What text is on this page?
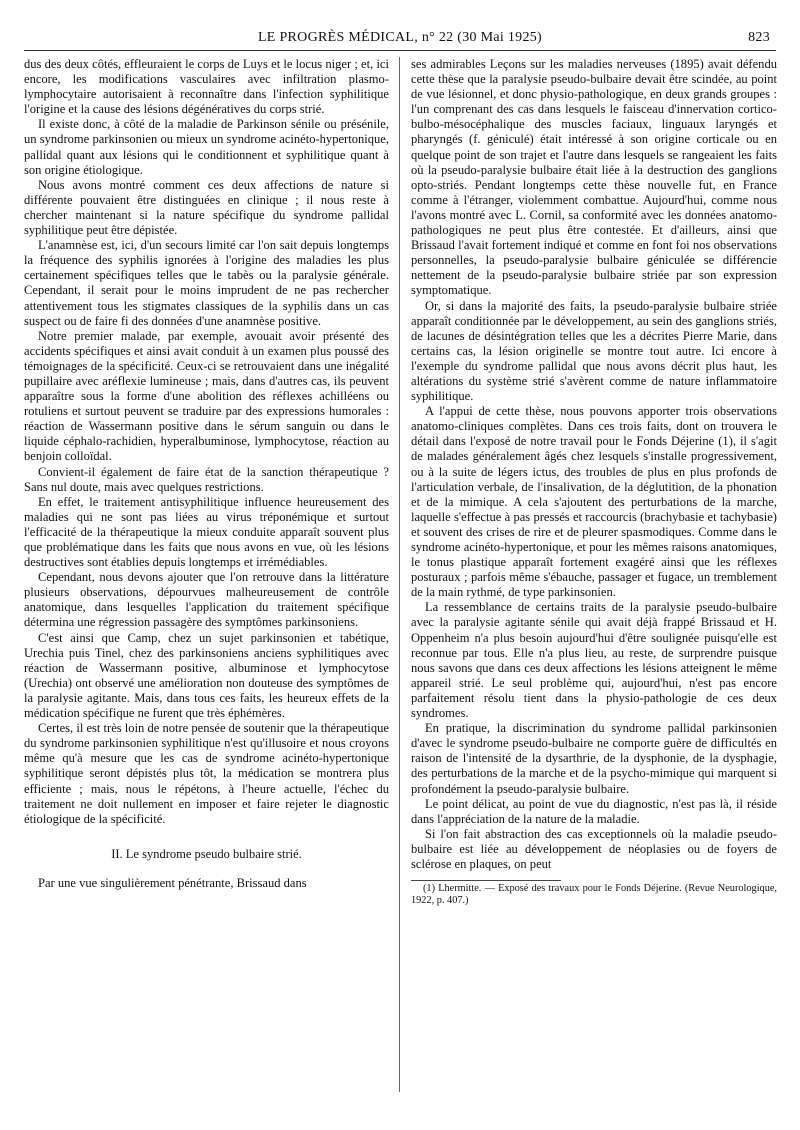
LE PROGRÈS MÉDICAL, n° 22 (30 Mai 1925)	823

dus des deux côtés, effleuraient le corps de Luys et le locus niger ; et, ici encore, les modifications vasculaires avec infiltration plasmo-lymphocytaire autorisaient à reconnaître dans l'infection syphilitique l'origine et la cause des lésions dégénératives du corps strié.

Il existe donc, à côté de la maladie de Parkinson sénile ou présénile, un syndrome parkinsonien ou mieux un syndrome acinéto-hypertonique, pallidal quant aux lésions qui le conditionnent et syphilitique quant à son origine étiologique.

Nous avons montré comment ces deux affections de nature si différente pouvaient être distinguées en clinique ; il nous reste à chercher maintenant si la nature spécifique du syndrome pallidal syphilitique peut être dépistée.

L'anamnèse est, ici, d'un secours limité car l'on sait depuis longtemps la fréquence des syphilis ignorées à l'origine des maladies les plus certainement spécifiques telles que le tabès ou la paralysie générale. Cependant, il serait pour le moins imprudent de ne pas rechercher attentivement tous les stigmates classiques de la syphilis dans un cas suspect ou de faire fi des données d'une anamnèse positive.

Notre premier malade, par exemple, avouait avoir présenté des accidents spécifiques et ainsi avait conduit à un examen plus poussé des témoignages de la spécificité. Ceux-ci se retrouvaient dans une inégalité pupillaire avec aréflexie lumineuse ; mais, dans d'autres cas, ils peuvent apparaître sous la forme d'une abolition des réflexes achilléens ou rotuliens et surtout peuvent se traduire par des expressions humorales : réaction de Wassermann positive dans le sérum sanguin ou dans le liquide céphalo-rachidien, hyperalbuminose, lymphocytose, réaction au benjoin colloïdal.

Convient-il également de faire état de la sanction thérapeutique ? Sans nul doute, mais avec quelques restrictions.

En effet, le traitement antisyphilitique influence heureusement des maladies qui ne sont pas liées au virus tréponémique et surtout l'efficacité de la thérapeutique la mieux conduite apparaît souvent plus que problématique dans les faits que nous avons en vue, où les lésions destructives sont établies depuis longtemps et irrémédiables.

Cependant, nous devons ajouter que l'on retrouve dans la littérature plusieurs observations, dépourvues malheureusement de contrôle anatomique, dans lesquelles l'application du traitement spécifique détermina une régression passagère des symptômes parkinsoniens.

C'est ainsi que Camp, chez un sujet parkinsonien et tabétique, Urechia puis Tinel, chez des parkinsoniens anciens syphilitiques avec réaction de Wassermann positive, albuminose et lymphocytose (Urechia) ont observé une amélioration non douteuse des symptômes de la paralysie agitante. Mais, dans tous ces faits, les heureux effets de la médication spécifique ne furent que très éphémères.

Certes, il est très loin de notre pensée de soutenir que la thérapeutique du syndrome parkinsonien syphilitique n'est qu'illusoire et nous croyons même qu'à mesure que les cas de syndrome acinéto-hypertonique syphilitique seront dépistés plus tôt, la médication se montrera plus efficiente ; mais, nous le répétons, à l'heure actuelle, l'échec du traitement ne doit nullement en imposer et faire rejeter le diagnostic étiologique de la spécificité.

II. Le syndrome pseudo bulbaire strié.

Par une vue singulièrement pénétrante, Brissaud dans

ses admirables Leçons sur les maladies nerveuses (1895) avait défendu cette thèse que la paralysie pseudo-bulbaire devait être scindée, au point de vue lésionnel, et donc physio-pathologique, en deux grands groupes : l'un comprenant des cas dans lesquels le faisceau d'innervation cortico-bulbo-mésocéphalique des muscles faciaux, linguaux laryngés et pharyngés (f. géniculé) était intéressé à son origine corticale ou en quelque point de son trajet et l'autre dans lesquels se rangeaient les faits où la pseudo-paralysie bulbaire était liée à la destruction des ganglions opto-striés. Pendant longtemps cette thèse nouvelle fut, en France comme à l'étranger, violemment combattue. Aujourd'hui, comme nous l'avons montré avec L. Cornil, sa conformité avec les données anatomo-pathologiques ne peut plus être contestée. Et d'ailleurs, ainsi que Brissaud l'avait fortement indiqué et comme en font foi nos observations personnelles, la pseudo-paralysie bulbaire géniculée se différencie nettement de la pseudo-paralysie bulbaire striée par son expression symptomatique.

Or, si dans la majorité des faits, la pseudo-paralysie bulbaire striée apparaît conditionnée par le développement, au sein des ganglions striés, de lacunes de désintégration telles que les a décrites Pierre Marie, dans certains cas, la lésion originelle se montre tout autre. Ici encore à l'exemple du syndrome pallidal que nous avons décrit plus haut, les altérations du système strié s'avèrent comme de nature inflammatoire syphilitique.

A l'appui de cette thèse, nous pouvons apporter trois observations anatomo-cliniques complètes. Dans ces trois faits, dont on trouvera le détail dans l'exposé de notre travail pour le Fonds Déjerine (1), il s'agit de malades généralement âgés chez lesquels s'installe progressivement, ou à la suite de légers ictus, des troubles de plus en plus profonds de l'articulation verbale, de l'insalivation, de la déglutition, de la phonation et de la mimique. A cela s'ajoutent des perturbations de la marche, laquelle s'effectue à pas pressés et raccourcis (brachybasie et tachybasie) et souvent des crises de rire et de pleurer spasmodiques. Comme dans le syndrome acinéto-hypertonique, et pour les mêmes raisons anatomiques, le tonus plastique apparaît fortement exagéré ainsi que les réflexes posturaux ; parfois même s'ébauche, passager et fugace, un tremblement de la main rythmé, de type parkinsonien.

La ressemblance de certains traits de la paralysie pseudo-bulbaire avec la paralysie agitante sénile qui avait déjà frappé Brissaud et H. Oppenheim n'a plus besoin aujourd'hui d'être soulignée puisqu'elle est reconnue par tous. Elle n'a plus lieu, au reste, de surprendre puisque nous savons que dans ces deux affections les lésions atteignent le même appareil strié. Le seul problème qui, aujourd'hui, n'est pas encore parfaitement résolu tient dans la physio-pathologie de ces deux syndromes.

En pratique, la discrimination du syndrome pallidal parkinsonien d'avec le syndrome pseudo-bulbaire ne comporte guère de difficultés en raison de l'intensité de la dysarthrie, de la dysphonie, de la dysphagie, des perturbations de la marche et de la psycho-mimique qui marquent si profondément la pseudo-paralysie bulbaire.

Le point délicat, au point de vue du diagnostic, n'est pas là, il réside dans l'appréciation de la nature de la maladie.

Si l'on fait abstraction des cas exceptionnels où la maladie pseudo-bulbaire est liée au développement de néoplasies ou de foyers de sclérose en plaques, on peut

(1) Lhermitte. — Exposé des travaux pour le Fonds Déjerine. (Revue Neurologique, 1922, p. 407.)
